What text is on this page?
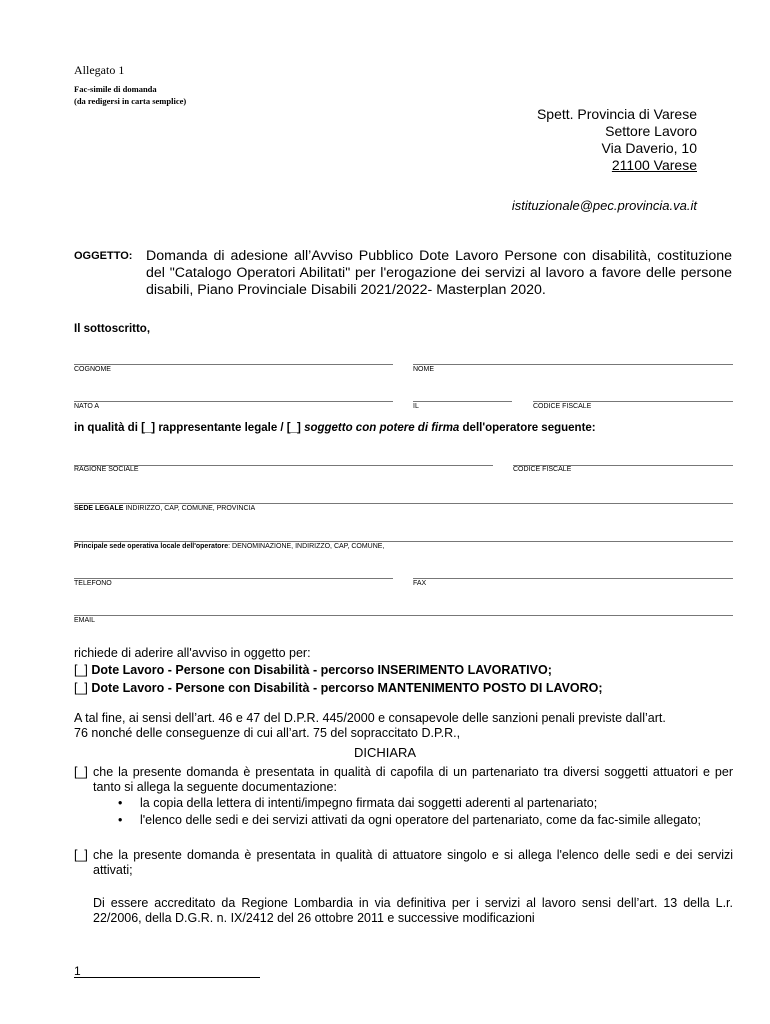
Allegato 1
Fac-simile di domanda
(da redigersi in carta semplice)
Spett. Provincia di Varese
Settore Lavoro
Via Daverio, 10
21100 Varese
istituzionale@pec.provincia.va.it
OGGETTO: Domanda di adesione all’Avviso Pubblico Dote Lavoro Persone con disabilità, costituzione del "Catalogo Operatori Abilitati" per l'erogazione dei servizi al lavoro a favore delle persone disabili, Piano Provinciale Disabili 2021/2022- Masterplan 2020.
Il sottoscritto,
COGNOME	NOME
NATO A	IL	CODICE FISCALE
in qualità di [_] rappresentante legale / [_] soggetto con potere di firma dell'operatore seguente:
RAGIONE SOCIALE	CODICE FISCALE
SEDE LEGALE INDIRIZZO, CAP, COMUNE, PROVINCIA
Principale sede operativa locale dell'operatore: DENOMINAZIONE, INDIRIZZO, CAP, COMUNE,
TELEFONO	FAX
EMAIL
richiede di aderire all'avviso in oggetto per:
[_] Dote Lavoro - Persone con Disabilità - percorso INSERIMENTO LAVORATIVO;
[_] Dote Lavoro - Persone con Disabilità - percorso MANTENIMENTO POSTO DI LAVORO;
A tal fine, ai sensi dell’art. 46 e 47 del D.P.R. 445/2000 e consapevole delle sanzioni penali previste dall’art.
76 nonché delle conseguenze di cui all’art. 75 del sopraccitato D.P.R.,
DICHIARA
[_] che la presente domanda è presentata in qualità di capofila di un partenariato tra diversi soggetti attuatori e per tanto si allega la seguente documentazione:
• la copia della lettera di intenti/impegno firmata dai soggetti aderenti al partenariato;
• l'elenco delle sedi e dei servizi attivati da ogni operatore del partenariato, come da fac-simile allegato;
[_] che la presente domanda è presentata in qualità di attuatore singolo e si allega l'elenco delle sedi e dei servizi attivati;
Di essere accreditato da Regione Lombardia in via definitiva per i servizi al lavoro sensi dell’art. 13 della L.r. 22/2006, della D.G.R. n. IX/2412 del 26 ottobre 2011 e successive modificazioni
1
